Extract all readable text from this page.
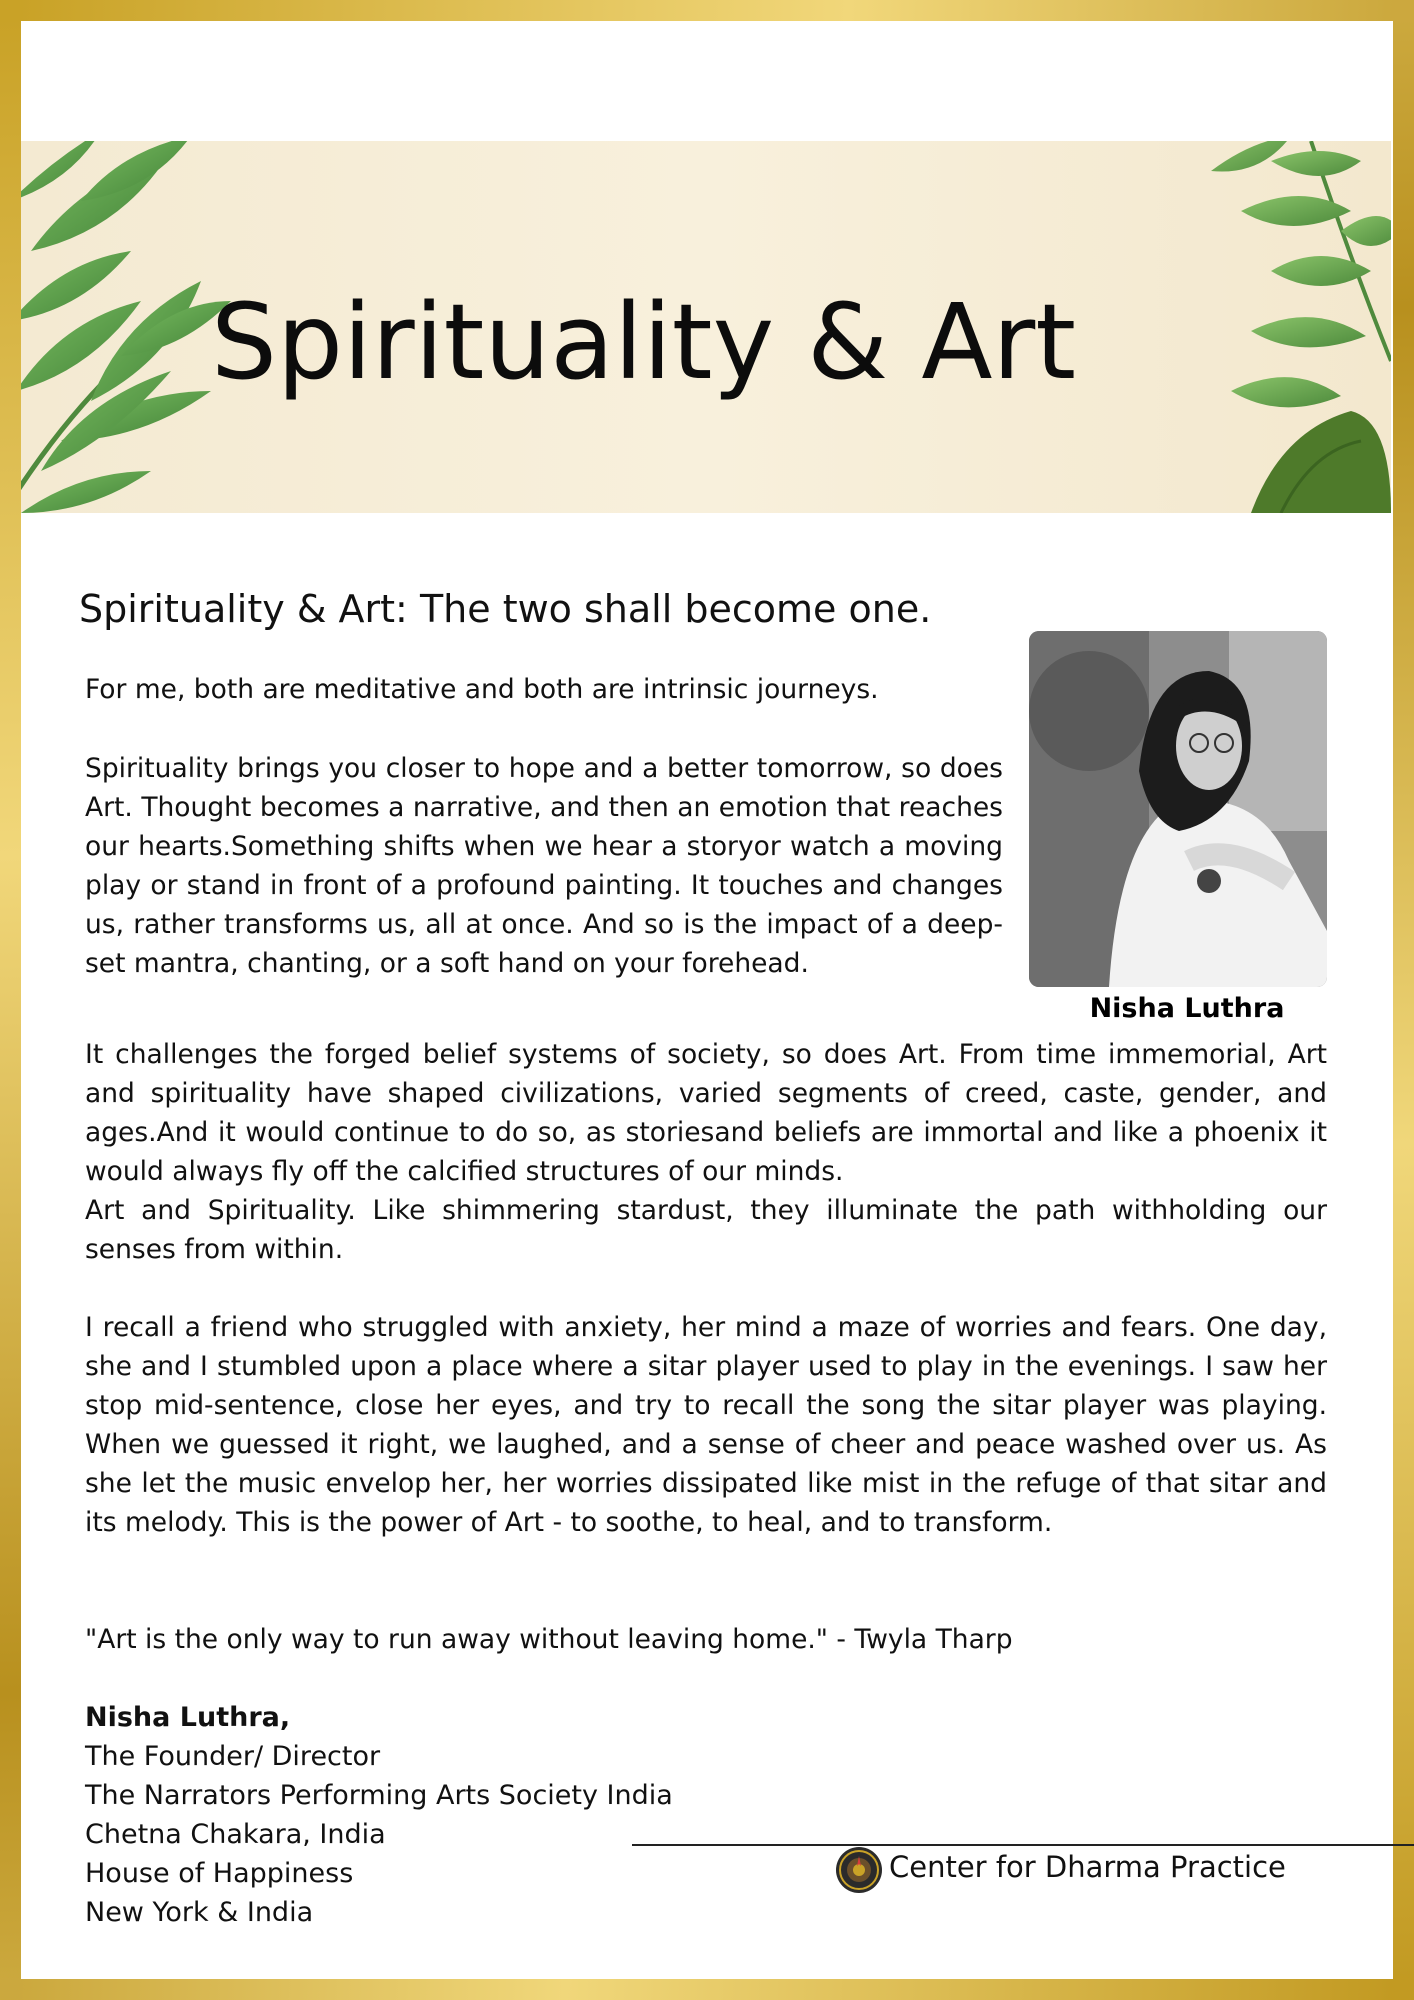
Spirituality & Art
Spirituality & Art: The two shall become one.

For me, both are meditative and both are intrinsic journeys.

Spirituality brings you closer to hope and a better tomorrow, so does Art. Thought becomes a narrative, and then an emotion that reaches our hearts.Something shifts when we hear a storyor watch a moving play or stand in front of a profound painting. It touches and changes us, rather transforms us, all at once. And so is the impact of a deep-set mantra, chanting, or a soft hand on your forehead.

It challenges the forged belief systems of society, so does Art. From time immemorial, Art and spirituality have shaped civilizations, varied segments of creed, caste, gender, and ages.And it would continue to do so, as storiesand beliefs are immortal and like a phoenix it would always fly off the calcified structures of our minds.

Art and Spirituality. Like shimmering stardust, they illuminate the path withholding our senses from within.

I recall a friend who struggled with anxiety, her mind a maze of worries and fears. One day, she and I stumbled upon a place where a sitar player used to play in the evenings. I saw her stop mid-sentence, close her eyes, and try to recall the song the sitar player was playing. When we guessed it right, we laughed, and a sense of cheer and peace washed over us. As she let the music envelop her, her worries dissipated like mist in the refuge of that sitar and its melody. This is the power of Art - to soothe, to heal, and to transform.

"Art is the only way to run away without leaving home." - Twyla Tharp

Nisha Luthra

Nisha Luthra,

The Founder/ Director

The Narrators Performing Arts Society India

Chetna Chakara, India

House of Happiness

New York & India

Center for Dharma Practice
